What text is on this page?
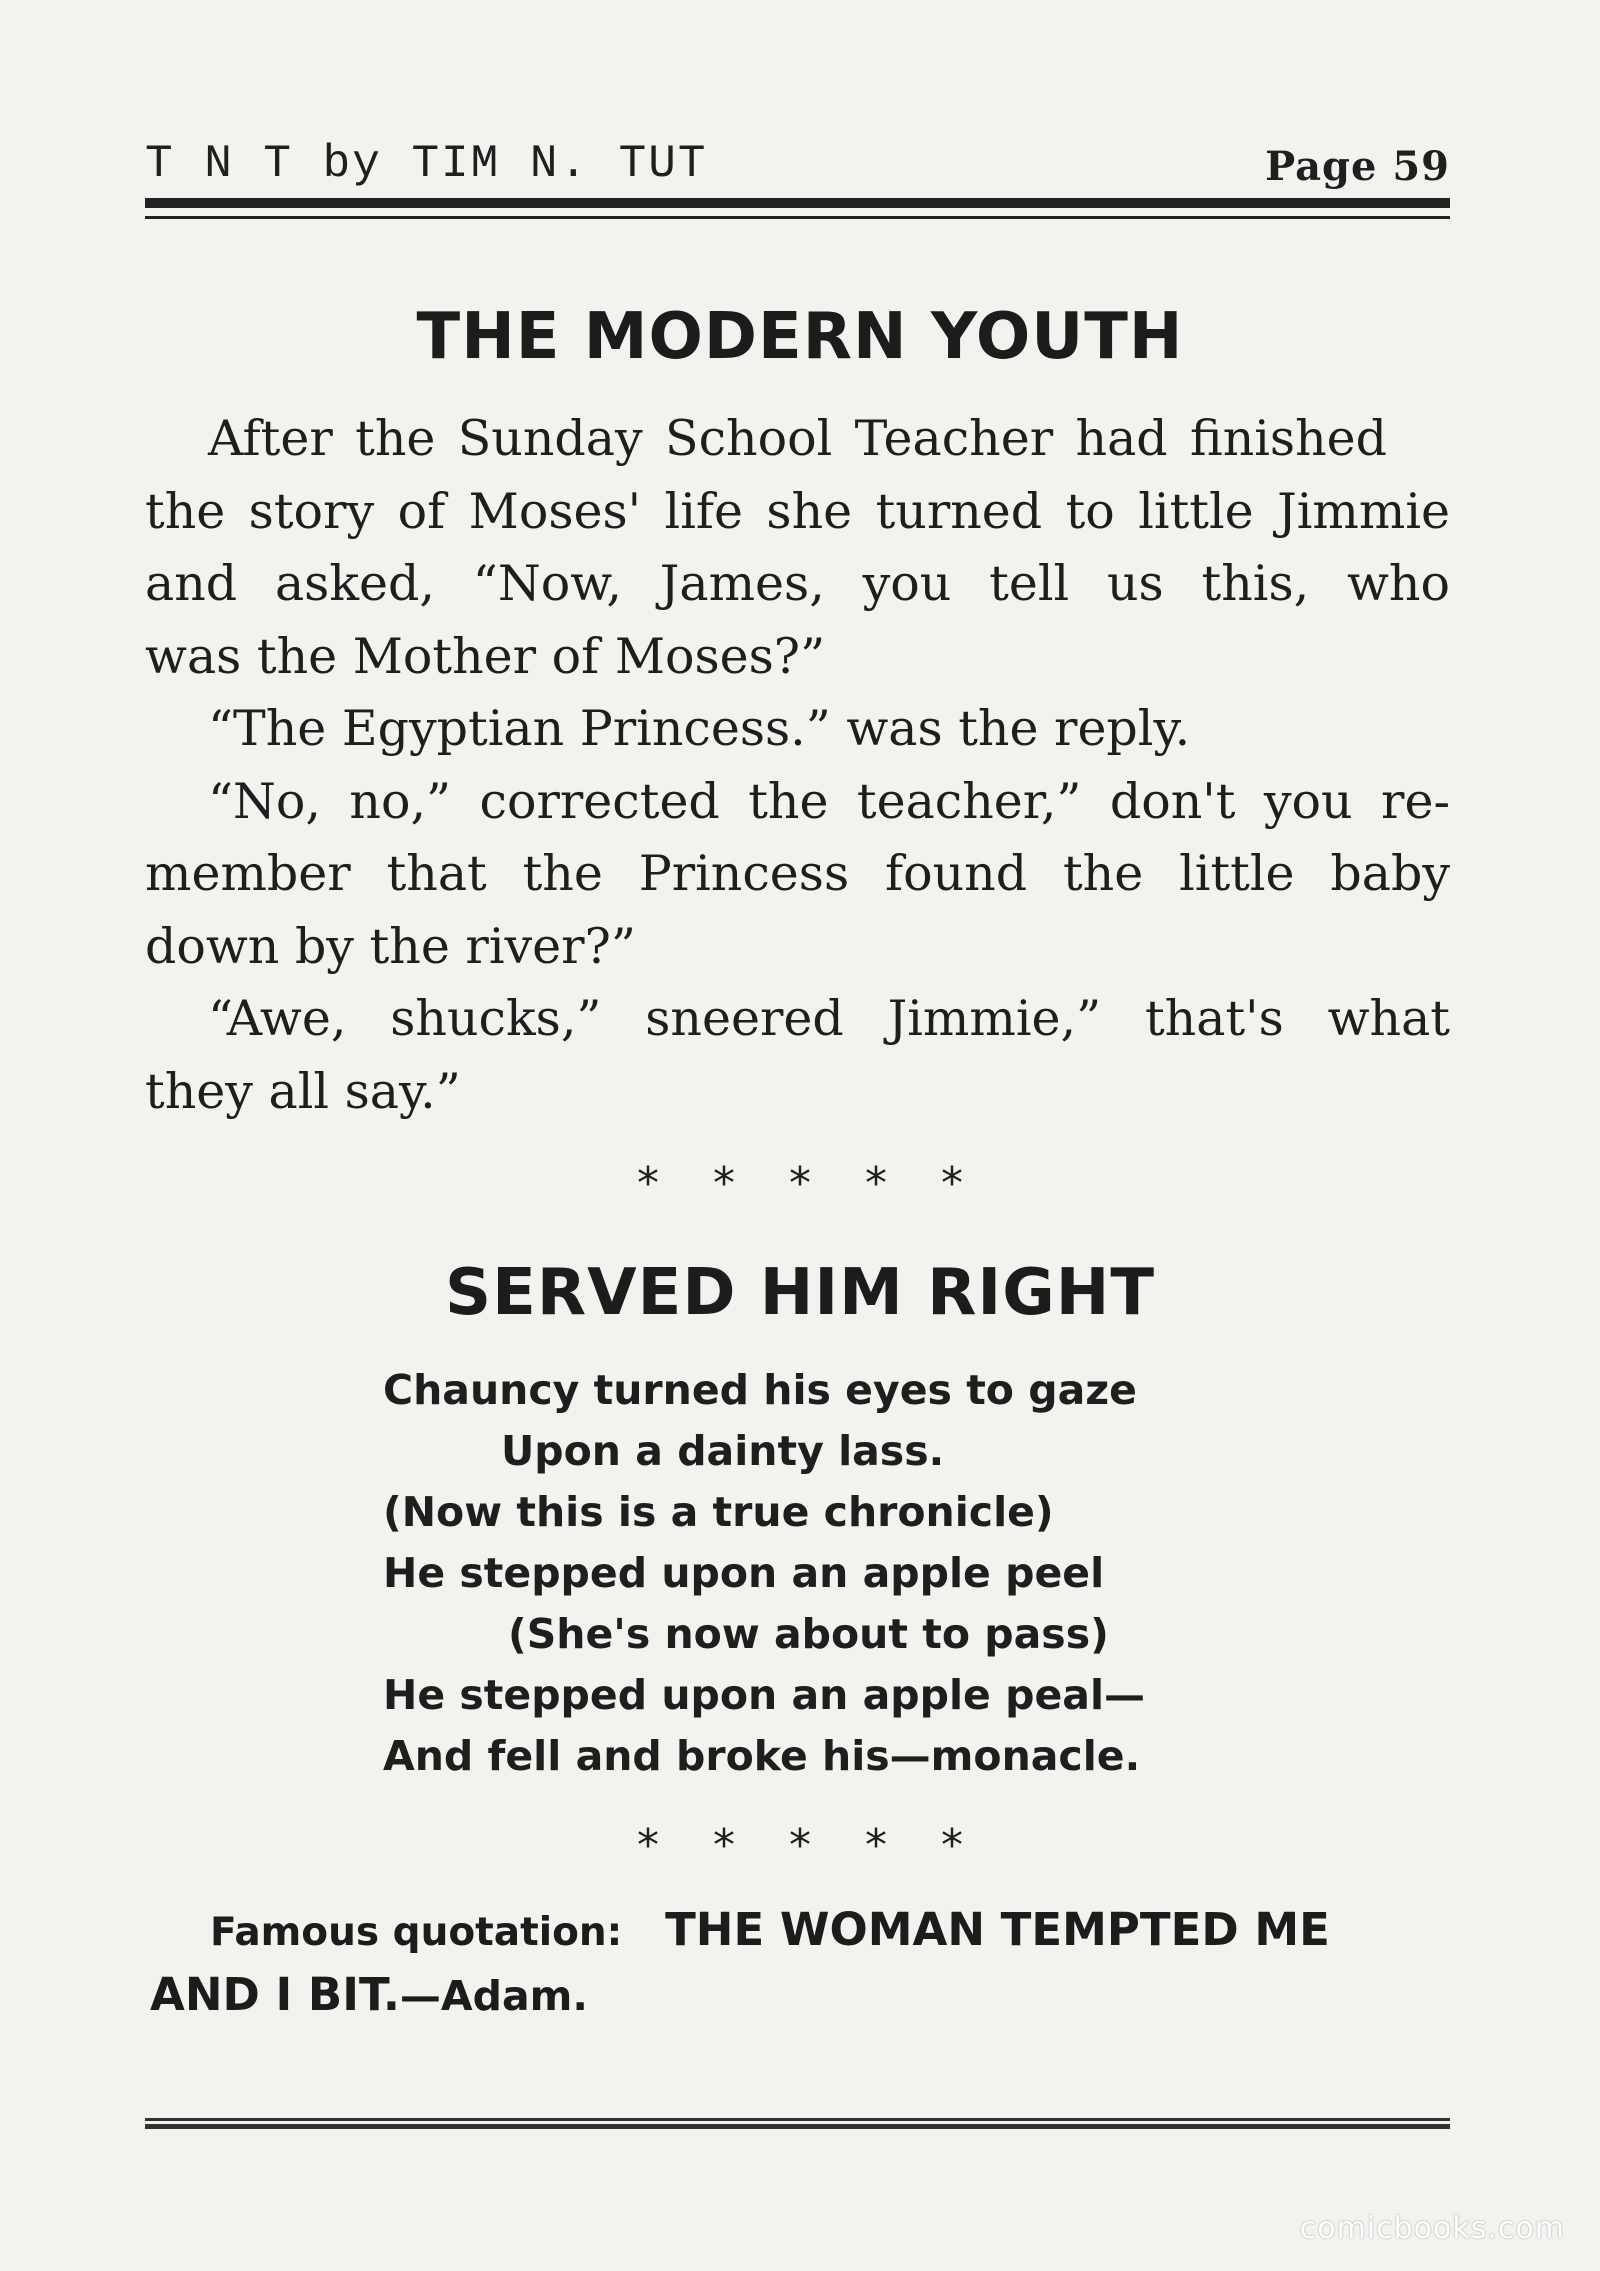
T N T by TIM N. TUT	Page 59
THE MODERN YOUTH

After the Sunday School Teacher had finished

the story of Moses' life she turned to little Jimmie

and asked, “Now, James, you tell us this, who

was the Mother of Moses?”

“The Egyptian Princess.” was the reply.

“No, no,” corrected the teacher,” don't you re-

member that the Princess found the little baby

down by the river?”

“Awe, shucks,” sneered Jimmie,” that's what

they all say.”

* * * * *
SERVED HIM RIGHT
Chauncy turned his eyes to gaze
Upon a dainty lass.
(Now this is a true chronicle)
He stepped upon an apple peel
(She's now about to pass)
He stepped upon an apple peal—
And fell and broke his—monacle.
* * * * *
Famous quotation: THE WOMAN TEMPTED ME
AND I BIT.—Adam.
comicbooks.com
